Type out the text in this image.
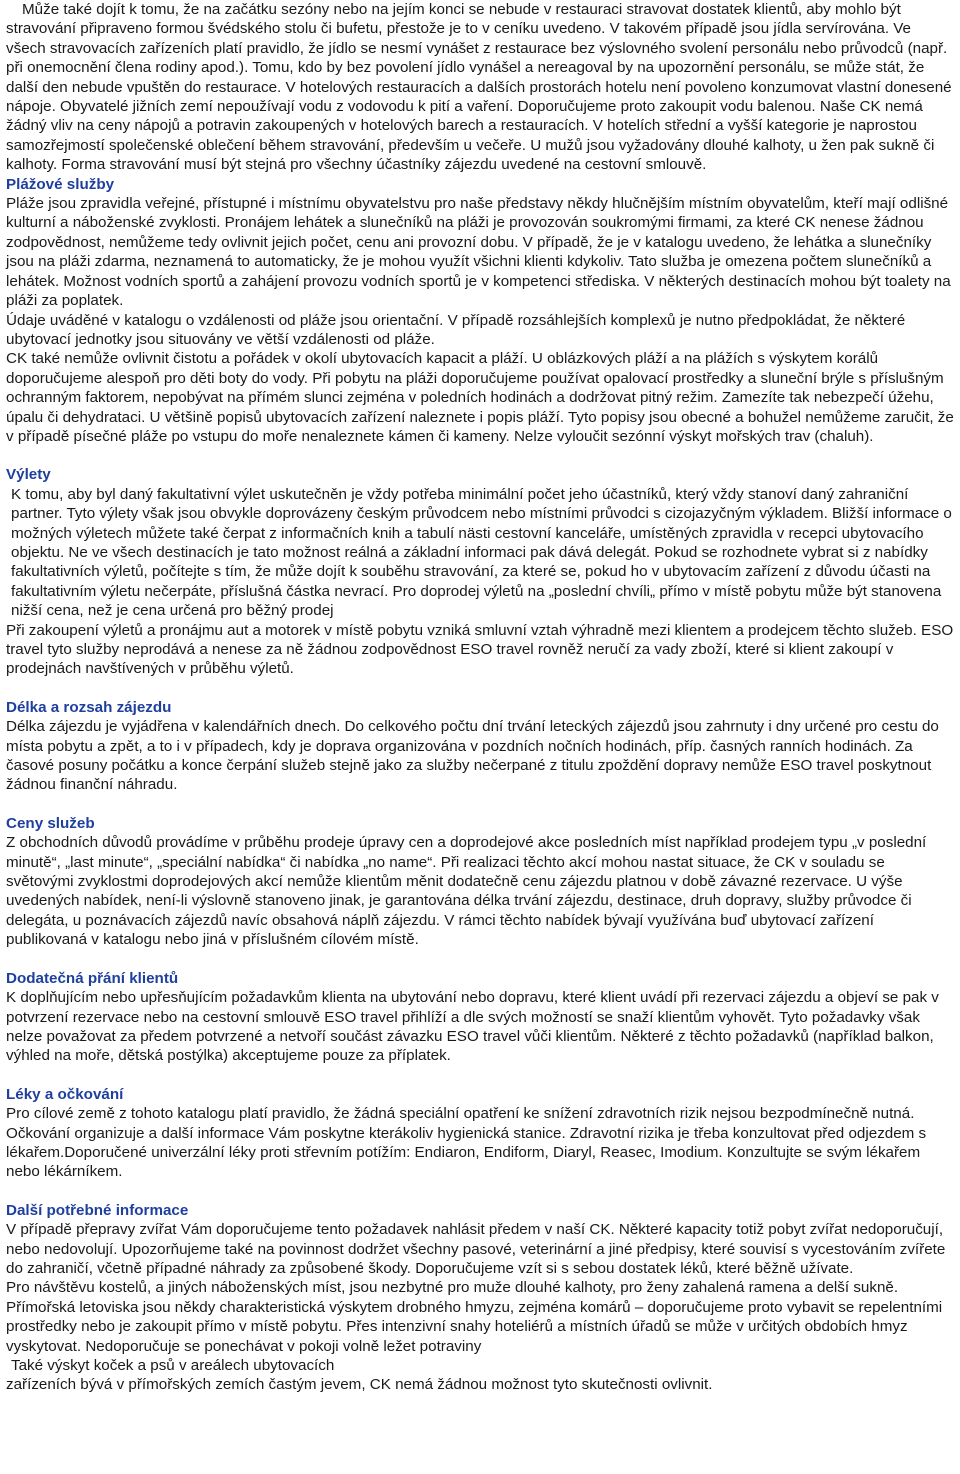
Může také dojít k tomu, že na začátku sezóny nebo na jejím konci se nebude v restauraci stravovat dostatek klientů, aby mohlo být stravování připraveno formou švédského stolu či bufetu, přestože je to v ceníku uvedeno. V takovém případě jsou jídla servírována. Ve všech stravovacích zařízeních platí pravidlo, že jídlo se nesmí vynášet z restaurace bez výslovného svolení personálu nebo průvodců (např. při onemocnění člena rodiny apod.). Tomu, kdo by bez povolení jídlo vynášel a nereagoval by na upozornění personálu, se může stát, že další den nebude vpuštěn do restaurace. V hotelových restauracích a dalších prostorách hotelu není povoleno konzumovat vlastní donesené nápoje. Obyvatelé jižních zemí nepoužívají vodu z vodovodu k pití a vaření. Doporučujeme proto zakoupit vodu balenou. Naše CK nemá žádný vliv na ceny nápojů a potravin zakoupených v hotelových barech a restauracích. V hotelích střední a vyšší kategorie je naprostou samozřejmostí společenské oblečení během stravování, především u večeře. U mužů jsou vyžadovány dlouhé kalhoty, u žen pak sukně či kalhoty. Forma stravování musí být stejná pro všechny účastníky zájezdu uvedené na cestovní smlouvě.

Plážové služby

Pláže jsou zpravidla veřejné, přístupné i místnímu obyvatelstvu pro naše představy někdy hlučnějším místním obyvatelům, kteří mají odlišné kulturní a náboženské zvyklosti. Pronájem lehátek a slunečníků na pláži je provozován soukromými firmami, za které CK nenese žádnou zodpovědnost, nemůžeme tedy ovlivnit jejich počet, cenu ani provozní dobu. V případě, že je v katalogu uvedeno, že lehátka a slunečníky jsou na pláži zdarma, neznamená to automaticky, že je mohou využít všichni klienti kdykoliv. Tato služba je omezena počtem slunečníků a lehátek. Možnost vodních sportů a zahájení provozu vodních sportů je v kompetenci střediska. V některých destinacích mohou být toalety na pláži za poplatek.

Údaje uváděné v katalogu o vzdálenosti od pláže jsou orientační. V případě rozsáhlejších komplexů je nutno předpokládat, že některé ubytovací jednotky jsou situovány ve větší vzdálenosti od pláže.

CK také nemůže ovlivnit čistotu a pořádek v okolí ubytovacích kapacit a pláží. U oblázkových pláží a na plážích s výskytem korálů doporučujeme alespoň pro děti boty do vody. Při pobytu na pláži doporučujeme používat opalovací prostředky a sluneční brýle s příslušným ochranným faktorem, nepobývat na přímém slunci zejména v poledních hodinách a dodržovat pitný režim. Zamezíte tak nebezpečí úžehu, úpalu či dehydrataci. U většině popisů ubytovacích zařízení naleznete i popis pláží. Tyto popisy jsou obecné a bohužel nemůžeme zaručit, že v případě písečné pláže po vstupu do moře nenaleznete kámen či kameny. Nelze vyloučit sezónní výskyt mořských trav (chaluh).

Výlety

K tomu, aby byl daný fakultativní výlet uskutečněn je vždy potřeba minimální počet jeho účastníků, který vždy stanoví daný zahraniční partner. Tyto výlety však jsou obvykle doprovázeny českým průvodcem nebo místními průvodci s cizojazyčným výkladem. Bližší informace o možných výletech můžete také čerpat z informačních knih a tabulí nästi cestovní kanceláře, umístěných zpravidla v recepci ubytovacího objektu. Ne ve všech destinacích je tato možnost reálná a základní informaci pak dává delegát. Pokud se rozhodnete vybrat si z nabídky fakultativních výletů, počítejte s tím, že může dojít k souběhu stravování, za které se, pokud ho v ubytovacím zařízení z důvodu účasti na fakultativním výletu nečerpáte, příslušná částka nevrací. Pro doprodej výletů na „poslední chvíli„ přímo v místě pobytu může být stanovena nižší cena, než je cena určená pro běžný prodej

Při zakoupení výletů a pronájmu aut a motorek v místě pobytu vzniká smluvní vztah výhradně mezi klientem a prodejcem těchto služeb. ESO travel tyto služby neprodává a nenese za ně žádnou zodpovědnost ESO travel rovněž neručí za vady zboží, které si klient zakoupí v prodejnách navštívených v průběhu výletů.

Délka a rozsah zájezdu

Délka zájezdu je vyjádřena v kalendářních dnech. Do celkového počtu dní trvání leteckých zájezdů jsou zahrnuty i dny určené pro cestu do místa pobytu a zpět, a to i v případech, kdy je doprava organizována v pozdních nočních hodinách, příp. časných ranních hodinách. Za časové posuny počátku a konce čerpání služeb stejně jako za služby nečerpané z titulu zpoždění dopravy nemůže ESO travel poskytnout žádnou finanční náhradu.

Ceny služeb

Z obchodních důvodů provádíme v průběhu prodeje úpravy cen a doprodejové akce posledních míst například prodejem typu „v poslední minutě“, „last minute“, „speciální nabídka“ či nabídka „no name“. Při realizaci těchto akcí mohou nastat situace, že CK v souladu se světovými zvyklostmi doprodejových akcí nemůže klientům měnit dodatečně cenu zájezdu platnou v době závazné rezervace. U výše uvedených nabídek, není-li výslovně stanoveno jinak, je garantována délka trvání zájezdu, destinace, druh dopravy, služby průvodce či delegáta, u poznávacích zájezdů navíc obsahová náplň zájezdu. V rámci těchto nabídek bývají využívána buď ubytovací zařízení publikovaná v katalogu nebo jiná v příslušném cílovém místě.

Dodatečná přání klientů

K doplňujícím nebo upřesňujícím požadavkům klienta na ubytování nebo dopravu, které klient uvádí při rezervaci zájezdu a objeví se pak v potvrzení rezervace nebo na cestovní smlouvě ESO travel přihlíží a dle svých možností se snaží klientům vyhovět. Tyto požadavky však nelze považovat za předem potvrzené a netvoří součást závazku ESO travel vůči klientům. Některé z těchto požadavků (například balkon, výhled na moře, dětská postýlka) akceptujeme pouze za příplatek.

Léky a očkování

Pro cílové země z tohoto katalogu platí pravidlo, že žádná speciální opatření ke snížení zdravotních rizik nejsou bezpodmínečně nutná. Očkování organizuje a další informace Vám poskytne kterákoliv hygienická stanice. Zdravotní rizika je třeba konzultovat před odjezdem s lékařem.Doporučené univerzální léky proti střevním potížím: Endiaron, Endiform, Diaryl, Reasec, Imodium. Konzultujte se svým lékařem nebo lékárníkem.

Další potřebné informace

V případě přepravy zvířat Vám doporučujeme tento požadavek nahlásit předem v naší CK. Některé kapacity totiž pobyt zvířat nedoporučují, nebo nedovolují. Upozorňujeme také na povinnost dodržet všechny pasové, veterinární a jiné předpisy, které souvisí s vycestováním zvířete do zahraničí, včetně případné náhrady za způsobené škody. Doporučujeme vzít si s sebou dostatek léků, které běžně užívate.

Pro návštěvu kostelů, a jiných náboženských míst, jsou nezbytné pro muže dlouhé kalhoty, pro ženy zahalená ramena a delší sukně. Přímořská letoviska jsou někdy charakteristická výskytem drobného hmyzu, zejména komárů – doporučujeme proto vybavit se repelentními prostředky nebo je zakoupit přímo v místě pobytu. Přes intenzivní snahy hoteliérů a místních úřadů se může v určitých obdobích hmyz vyskytovat. Nedoporučuje se ponechávat v pokoji volně ležet potraviny

Také výskyt koček a psů v areálech ubytovacích

zařízeních bývá v přímořských zemích častým jevem, CK nemá žádnou možnost tyto skutečnosti ovlivnit.
